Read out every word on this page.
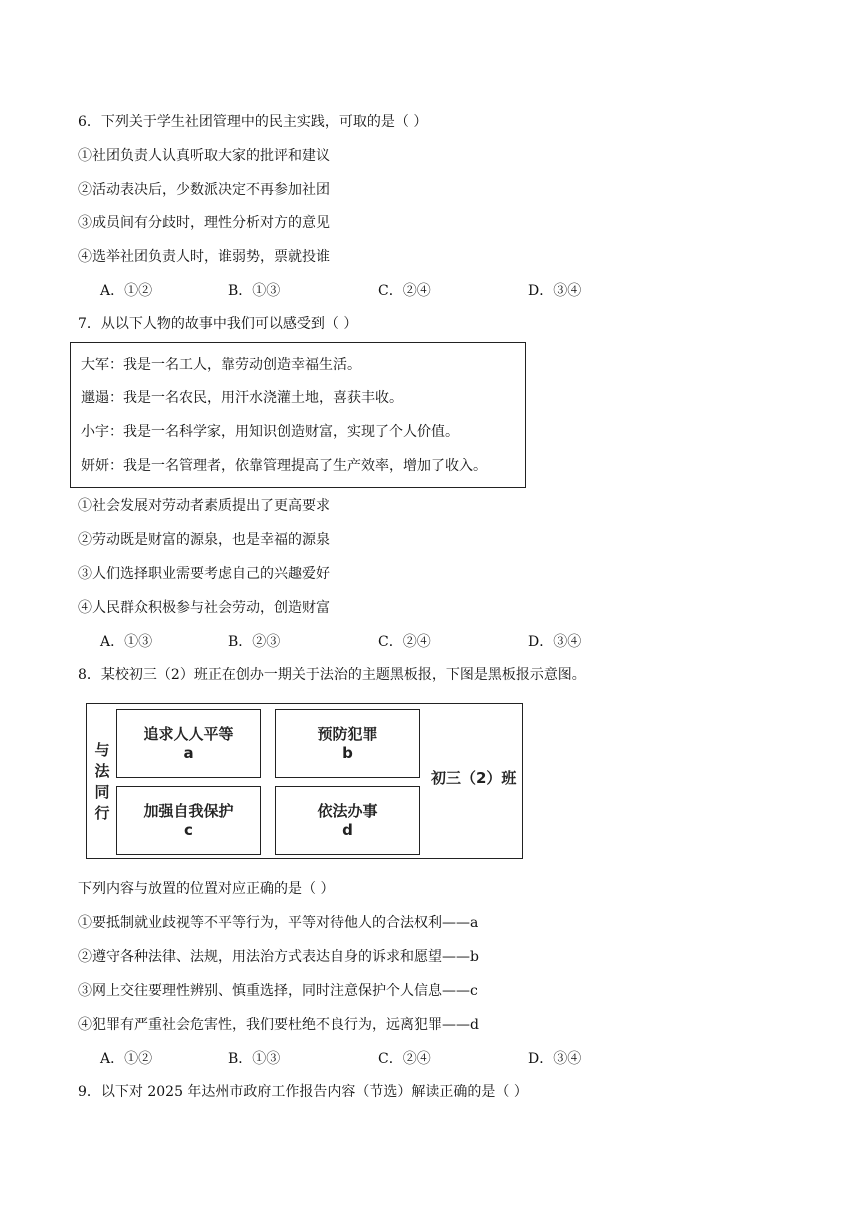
6．下列关于学生社团管理中的民主实践，可取的是（ ）
①社团负责人认真听取大家的批评和建议
②活动表决后，少数派决定不再参加社团
③成员间有分歧时，理性分析对方的意见
④选举社团负责人时，谁弱势，票就投谁
A．①②	B．①③	C．②④	D．③④
7．从以下人物的故事中我们可以感受到（ ）
大军：我是一名工人，靠劳动创造幸福生活。
邋遢：我是一名农民，用汗水浇灌土地，喜获丰收。
小宇：我是一名科学家，用知识创造财富，实现了个人价值。
妍妍：我是一名管理者，依靠管理提高了生产效率，增加了收入。
①社会发展对劳动者素质提出了更高要求
②劳动既是财富的源泉，也是幸福的源泉
③人们选择职业需要考虑自己的兴趣爱好
④人民群众积极参与社会劳动，创造财富
A．①③	B．②③	C．②④	D．③④
8．某校初三（2）班正在创办一期关于法治的主题黑板报，下图是黑板报示意图。
与
法
同
行
追求人人平等
a
预防犯罪
b
加强自我保护
c
依法办事
d
初三（2）班
下列内容与放置的位置对应正确的是（ ）
①要抵制就业歧视等不平等行为，平等对待他人的合法权利——a
②遵守各种法律、法规，用法治方式表达自身的诉求和愿望——b
③网上交往要理性辨别、慎重选择，同时注意保护个人信息——c
④犯罪有严重社会危害性，我们要杜绝不良行为，远离犯罪——d
A．①②	B．①③	C．②④	D．③④
9．以下对 2025 年达州市政府工作报告内容（节选）解读正确的是（ ）
